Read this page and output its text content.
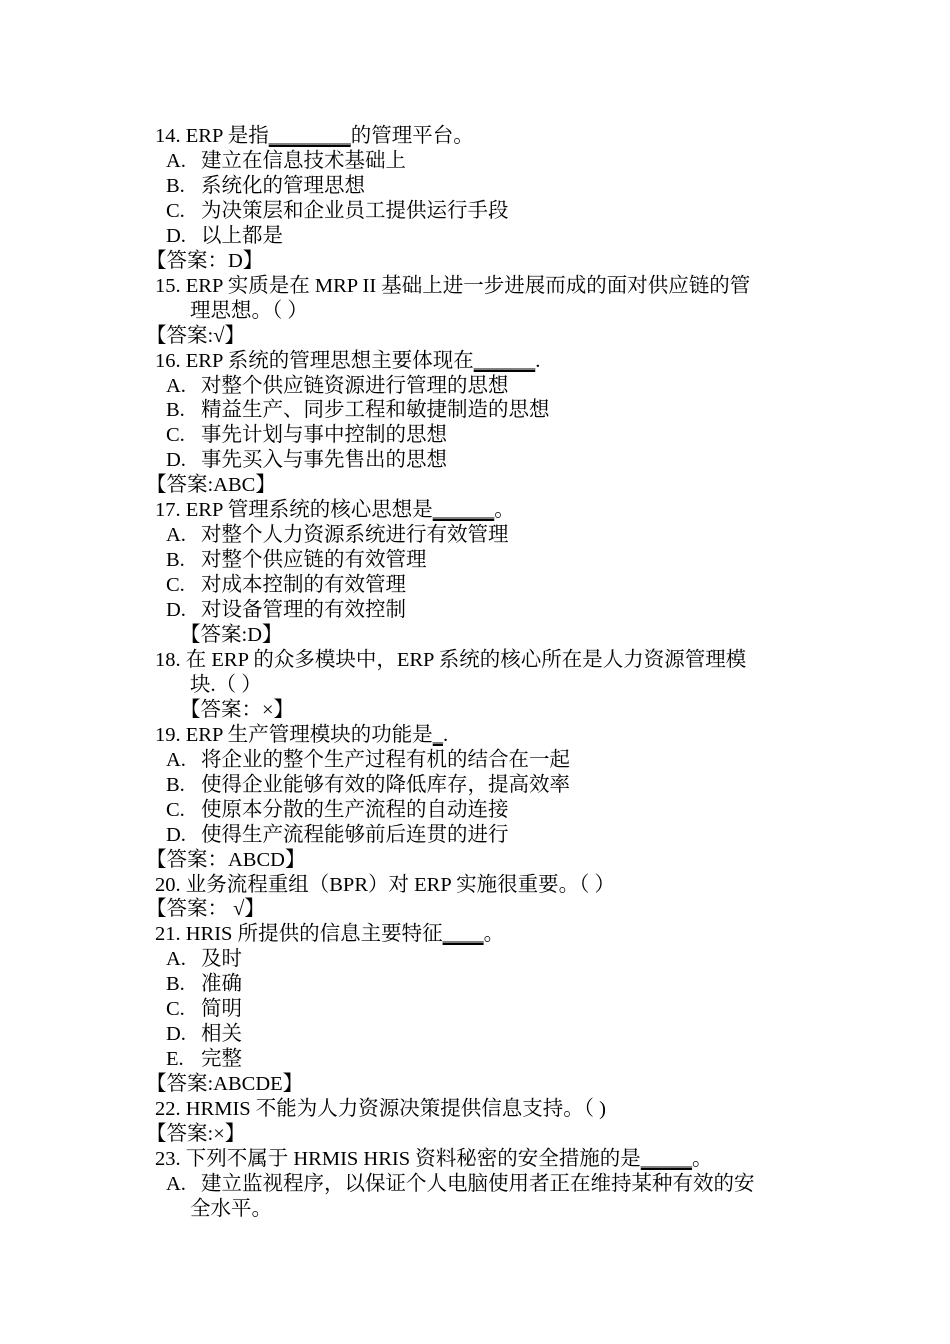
14. ERP 是指________的管理平台。
A. 建立在信息技术基础上
B. 系统化的管理思想
C. 为决策层和企业员工提供运行手段
D. 以上都是
【答案：D】
15. ERP 实质是在 MRP II 基础上进一步进展而成的面对供应链的管
理思想。（ ）
【答案:√】
16. ERP 系统的管理思想主要体现在______.
A. 对整个供应链资源进行管理的思想
B. 精益生产、同步工程和敏捷制造的思想
C. 事先计划与事中控制的思想
D. 事先买入与事先售出的思想
【答案:ABC】
17. ERP 管理系统的核心思想是______。
A. 对整个人力资源系统进行有效管理
B. 对整个供应链的有效管理
C. 对成本控制的有效管理
D. 对设备管理的有效控制
【答案:D】
18. 在 ERP 的众多模块中，ERP 系统的核心所在是人力资源管理模
块.（ ）
【答案：×】
19. ERP 生产管理模块的功能是_.
A. 将企业的整个生产过程有机的结合在一起
B. 使得企业能够有效的降低库存，提高效率
C. 使原本分散的生产流程的自动连接
D. 使得生产流程能够前后连贯的进行
【答案：ABCD】
20. 业务流程重组（BPR）对 ERP 实施很重要。（ ）
【答案： √】
21. HRIS 所提供的信息主要特征____。
A. 及时
B. 准确
C. 简明
D. 相关
E. 完整
【答案:ABCDE】
22. HRMIS 不能为人力资源决策提供信息支持。（ )
【答案:×】
23. 下列不属于 HRMIS HRIS 资料秘密的安全措施的是_____。
A. 建立监视程序，以保证个人电脑使用者正在维持某种有效的安
全水平。
